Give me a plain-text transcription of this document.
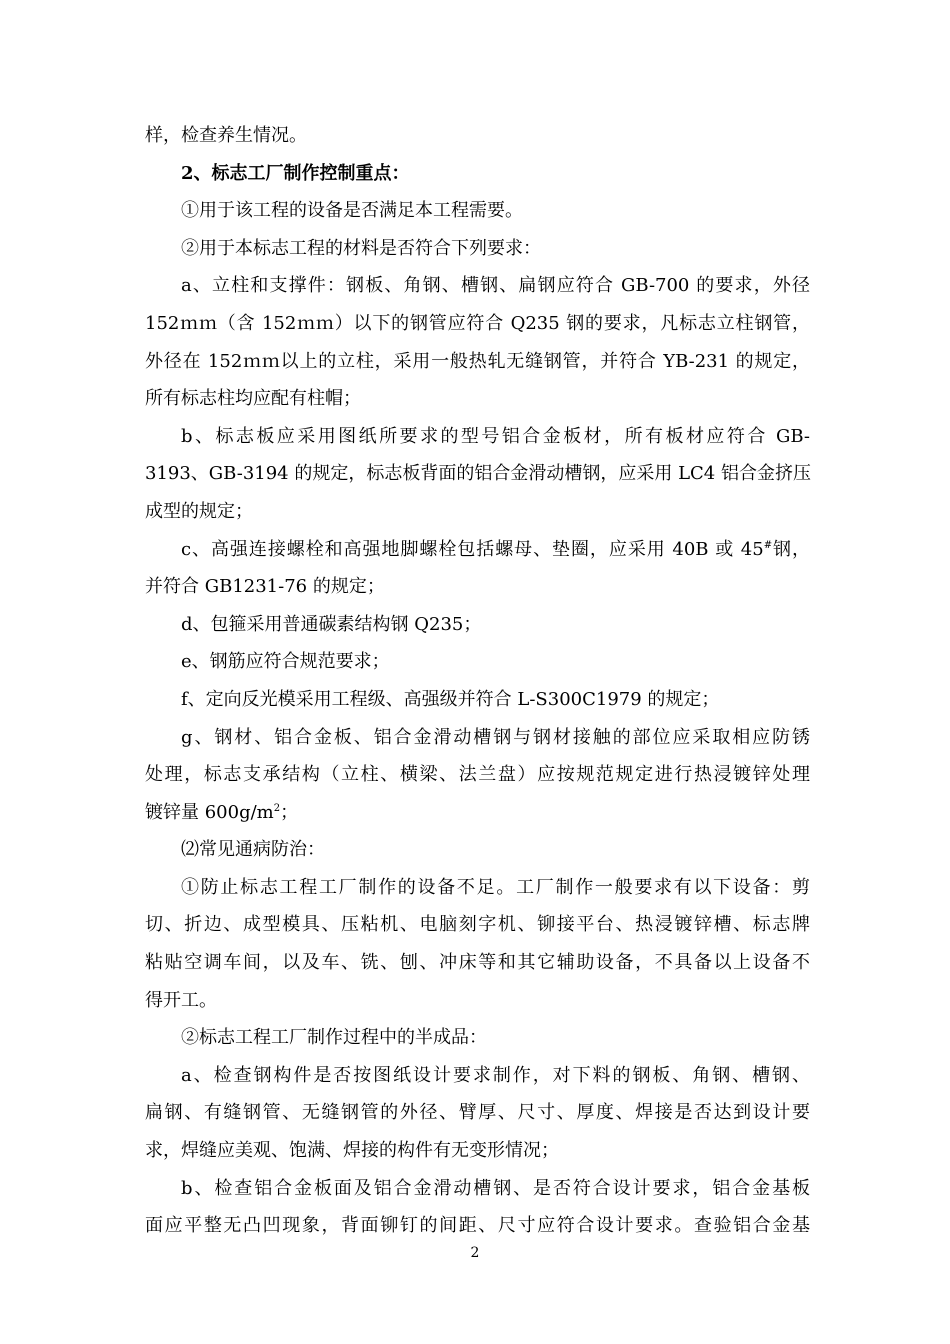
样，检查养生情况。
2、标志工厂制作控制重点：
①用于该工程的设备是否满足本工程需要。
②用于本标志工程的材料是否符合下列要求：
a、立柱和支撑件：钢板、角钢、槽钢、扁钢应符合 GB-700 的要求，外径
152ｍｍ（含 152ｍｍ）以下的钢管应符合 Q235 钢的要求，凡标志立柱钢管，
外径在 152ｍｍ以上的立柱，采用一般热轧无缝钢管，并符合 YB-231 的规定，
所有标志柱均应配有柱帽；
b、标志板应采用图纸所要求的型号铝合金板材，所有板材应符合 GB-
3193、GB-3194 的规定，标志板背面的铝合金滑动槽钢，应采用 LC4 铝合金挤压
成型的规定；
c、高强连接螺栓和高强地脚螺栓包括螺母、垫圈，应采用 40B 或 45#钢，
并符合 GB1231-76 的规定；
d、包箍采用普通碳素结构钢 Q235；
e、钢筋应符合规范要求；
f、定向反光模采用工程级、高强级并符合 L-S300C1979 的规定；
g、钢材、铝合金板、铝合金滑动槽钢与钢材接触的部位应采取相应防锈
处理，标志支承结构（立柱、横梁、法兰盘）应按规范规定进行热浸镀锌处理
镀锌量 $600g/m^2$；
⑵常见通病防治：
①防止标志工程工厂制作的设备不足。工厂制作一般要求有以下设备：剪
切、折边、成型模具、压粘机、电脑刻字机、铆接平台、热浸镀锌槽、标志牌
粘贴空调车间，以及车、铣、刨、冲床等和其它辅助设备，不具备以上设备不
得开工。
②标志工程工厂制作过程中的半成品：
a、检查钢构件是否按图纸设计要求制作，对下料的钢板、角钢、槽钢、
扁钢、有缝钢管、无缝钢管的外径、臂厚、尺寸、厚度、焊接是否达到设计要
求，焊缝应美观、饱满、焊接的构件有无变形情况；
b、检查铝合金板面及铝合金滑动槽钢、是否符合设计要求，铝合金基板
面应平整无凸凹现象，背面铆钉的间距、尺寸应符合设计要求。查验铝合金基
2
